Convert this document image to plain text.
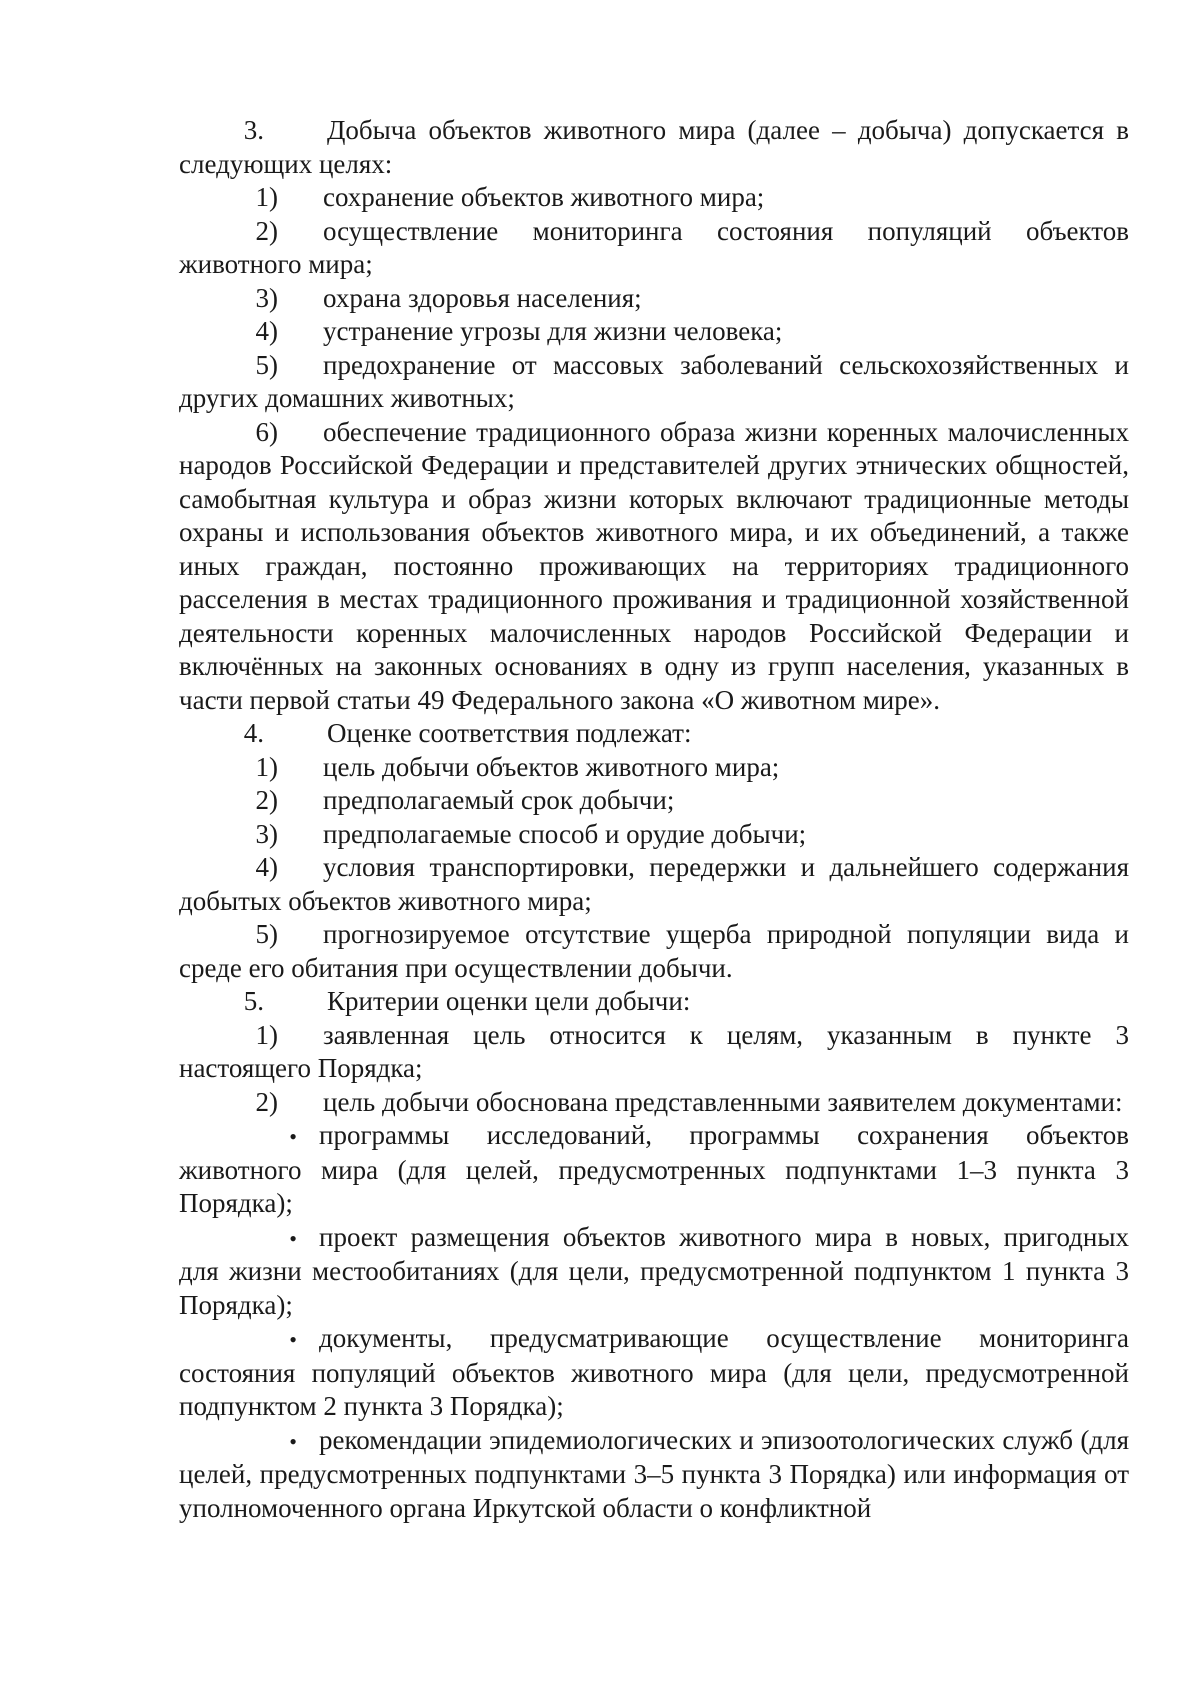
3. Добыча объектов животного мира (далее – добыча) допускается в следующих целях:

1) сохранение объектов животного мира;

2) осуществление мониторинга состояния популяций объектов животного мира;

3) охрана здоровья населения;

4) устранение угрозы для жизни человека;

5) предохранение от массовых заболеваний сельскохозяйственных и других домашних животных;

6) обеспечение традиционного образа жизни коренных малочисленных народов Российской Федерации и представителей других этнических общностей, самобытная культура и образ жизни которых включают традиционные методы охраны и использования объектов животного мира, и их объединений, а также иных граждан, постоянно проживающих на территориях традиционного расселения в местах традиционного проживания и традиционной хозяйственной деятельности коренных малочисленных народов Российской Федерации и включённых на законных основаниях в одну из групп населения, указанных в части первой статьи 49 Федерального закона «О животном мире».

4. Оценке соответствия подлежат:

1) цель добычи объектов животного мира;

2) предполагаемый срок добычи;

3) предполагаемые способ и орудие добычи;

4) условия транспортировки, передержки и дальнейшего содержания добытых объектов животного мира;

5) прогнозируемое отсутствие ущерба природной популяции вида и среде его обитания при осуществлении добычи.

5. Критерии оценки цели добычи:

1) заявленная цель относится к целям, указанным в пункте 3 настоящего Порядка;

2) цель добычи обоснована представленными заявителем документами:

• программы исследований, программы сохранения объектов животного мира (для целей, предусмотренных подпунктами 1–3 пункта 3 Порядка);

• проект размещения объектов животного мира в новых, пригодных для жизни местообитаниях (для цели, предусмотренной подпунктом 1 пункта 3 Порядка);

• документы, предусматривающие осуществление мониторинга состояния популяций объектов животного мира (для цели, предусмотренной подпунктом 2 пункта 3 Порядка);

• рекомендации эпидемиологических и эпизоотологических служб (для целей, предусмотренных подпунктами 3–5 пункта 3 Порядка) или информация от уполномоченного органа Иркутской области о конфликтной
